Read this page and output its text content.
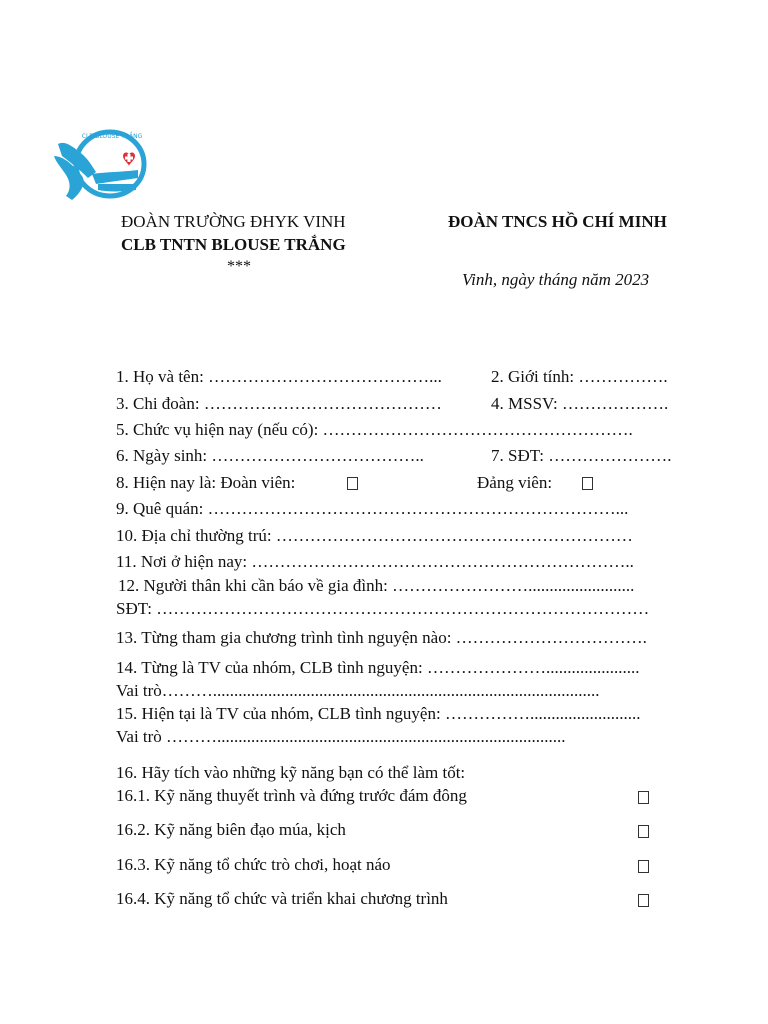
CLB BLOUSE TRẮNG
ĐOÀN TRƯỜNG ĐHYK VINH
CLB TNTN BLOUSE TRẮNG
***
ĐOÀN TNCS HỒ CHÍ MINH
Vinh, ngày tháng năm 2023
1. Họ và tên: …………………………………...	2. Giới tính: …………….
3. Chi đoàn: ……………………………………	4. MSSV: ……………….
5. Chức vụ hiện nay (nếu có): ……………………………………………….
6. Ngày sinh: ………………………………..	7. SĐT: ………………….
8. Hiện nay là: Đoàn viên:	Đảng viên:
9. Quê quán: ………………………………………………………………...
10. Địa chỉ thường trú: ………………………………………………………
11. Nơi ở hiện nay: …………………………………………………………..
12. Người thân khi cần báo về gia đình: …………………….........................
SĐT: ……………………………………………………………………………
13. Từng tham gia chương trình tình nguyện nào: …………………………….
14. Từng là TV của nhóm, CLB tình nguyện: …………………......................
Vai trò………...........................................................................................
15. Hiện tại là TV của nhóm, CLB tình nguyện: ……………..........................
Vai trò ………..................................................................................
16. Hãy tích vào những kỹ năng bạn có thể làm tốt:
16.1. Kỹ năng thuyết trình và đứng trước đám đông
16.2. Kỹ năng biên đạo múa, kịch
16.3. Kỹ năng tổ chức trò chơi, hoạt náo
16.4. Kỹ năng tổ chức và triển khai chương trình
